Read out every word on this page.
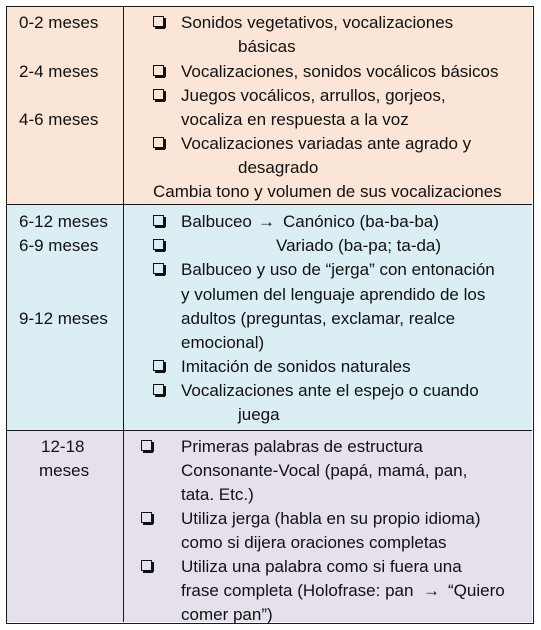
0-2 meses
2-4 meses
4-6 meses
Sonidos vegetativos, vocalizaciones
básicas
Vocalizaciones, sonidos vocálicos básicos
Juegos vocálicos, arrullos, gorjeos,
vocaliza en respuesta a la voz
Vocalizaciones variadas ante agrado y
desagrado
Cambia tono y volumen de sus vocalizaciones
6-12 meses
6-9 meses
9-12 meses
Balbuceo → Canónico (ba-ba-ba)
Variado (ba-pa; ta-da)
Balbuceo y uso de “jerga” con entonación
y volumen del lenguaje aprendido de los
adultos (preguntas, exclamar, realce
emocional)
Imitación de sonidos naturales
Vocalizaciones ante el espejo o cuando
juega
12-18
meses
Primeras palabras de estructura
Consonante-Vocal (papá, mamá, pan,
tata. Etc.)
Utiliza jerga (habla en su propio idioma)
como si dijera oraciones completas
Utiliza una palabra como si fuera una
frase completa (Holofrase: pan → “Quiero
comer pan”)
